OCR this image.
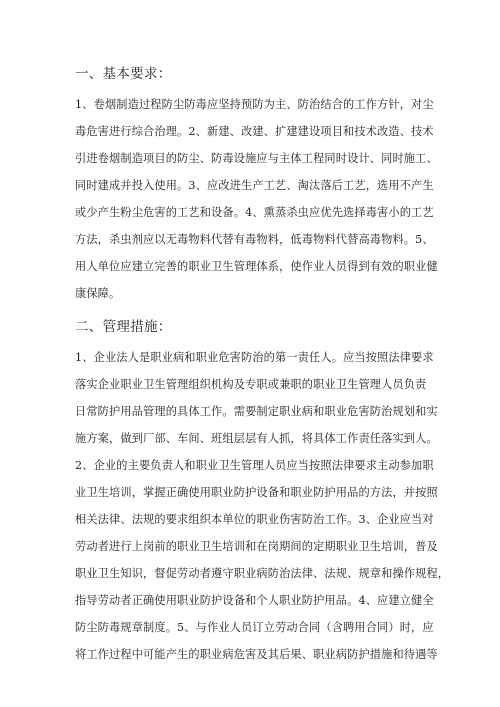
一、基本要求：
1、卷烟制造过程防尘防毒应坚持预防为主、防治结合的工作方针，对尘
毒危害进行综合治理。2、新建、改建、扩建建设项目和技术改造、技术
引进卷烟制造项目的防尘、防毒设施应与主体工程同时设计、同时施工、
同时建成并投入使用。3、应改进生产工艺、淘汰落后工艺，选用不产生
或少产生粉尘危害的工艺和设备。4、熏蒸杀虫应优先选择毒害小的工艺
方法，杀虫剂应以无毒物料代替有毒物料，低毒物料代替高毒物料。5、
用人单位应建立完善的职业卫生管理体系，使作业人员得到有效的职业健
康保障。
二、管理措施：
1、企业法人是职业病和职业危害防治的第一责任人。应当按照法律要求
落实企业职业卫生管理组织机构及专职或兼职的职业卫生管理人员负责
日常防护用品管理的具体工作。需要制定职业病和职业危害防治规划和实
施方案，做到厂部、车间、班组层层有人抓，将具体工作责任落实到人。
2、企业的主要负责人和职业卫生管理人员应当按照法律要求主动参加职
业卫生培训，掌握正确使用职业防护设备和职业防护用品的方法，并按照
相关法律、法规的要求组织本单位的职业伤害防治工作。3、企业应当对
劳动者进行上岗前的职业卫生培训和在岗期间的定期职业卫生培训，普及
职业卫生知识，督促劳动者遵守职业病防治法律、法规、规章和操作规程，
指导劳动者正确使用职业防护设备和个人职业防护用品。4、应建立健全
防尘防毒规章制度。5、与作业人员订立劳动合同（含聘用合同）时，应
将工作过程中可能产生的职业病危害及其后果、职业病防护措施和待遇等
